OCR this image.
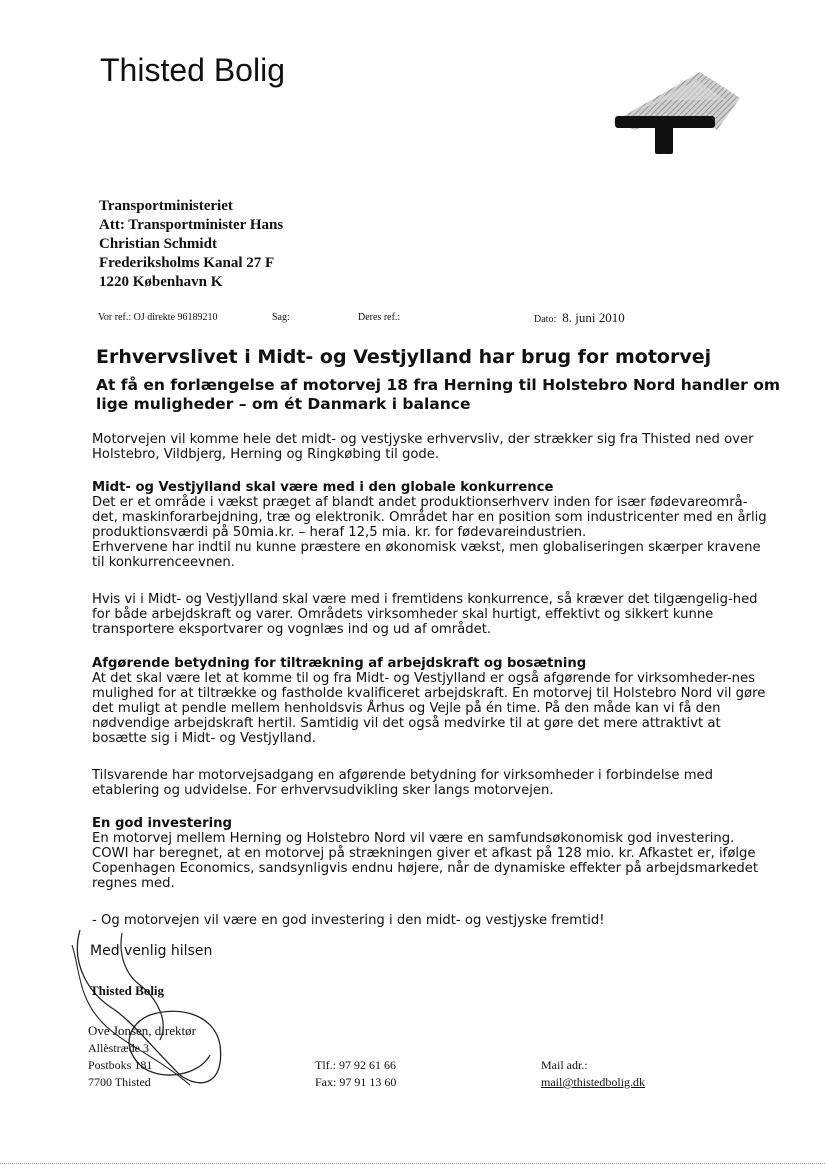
Thisted Bolig
Transportministeriet
Att: Transportminister Hans
Christian Schmidt
Frederiksholms Kanal 27 F
1220 København K
Vor ref.: OJ direkte 96189210	Sag:	Deres ref.:	Dato: 8. juni 2010
Erhvervslivet i Midt- og Vestjylland har brug for motorvej
At få en forlængelse af motorvej 18 fra Herning til Holstebro Nord handler om lige muligheder – om ét Danmark i balance
Motorvejen vil komme hele det midt- og vestjyske erhvervsliv, der strækker sig fra Thisted ned over Holstebro, Vildbjerg, Herning og Ringkøbing til gode.
Midt- og Vestjylland skal være med i den globale konkurrence
Det er et område i vækst præget af blandt andet produktionserhverv inden for især fødevareområ-det, maskinforarbejdning, træ og elektronik. Området har en position som industricenter med en årlig produktionsværdi på 50mia.kr. – heraf 12,5 mia. kr. for fødevareindustrien.
Erhvervene har indtil nu kunne præstere en økonomisk vækst, men globaliseringen skærper kravene til konkurrenceevnen.
Hvis vi i Midt- og Vestjylland skal være med i fremtidens konkurrence, så kræver det tilgængelig-hed for både arbejdskraft og varer. Områdets virksomheder skal hurtigt, effektivt og sikkert kunne transportere eksportvarer og vognlæs ind og ud af området.
Afgørende betydning for tiltrækning af arbejdskraft og bosætning
At det skal være let at komme til og fra Midt- og Vestjylland er også afgørende for virksomheder-nes mulighed for at tiltrække og fastholde kvalificeret arbejdskraft. En motorvej til Holstebro Nord vil gøre det muligt at pendle mellem henholdsvis Århus og Vejle på én time. På den måde kan vi få den nødvendige arbejdskraft hertil. Samtidig vil det også medvirke til at gøre det mere attraktivt at bosætte sig i Midt- og Vestjylland.
Tilsvarende har motorvejsadgang en afgørende betydning for virksomheder i forbindelse med etablering og udvidelse. For erhvervsudvikling sker langs motorvejen.
En god investering
En motorvej mellem Herning og Holstebro Nord vil være en samfundsøkonomisk god investering. COWI har beregnet, at en motorvej på strækningen giver et afkast på 128 mio. kr. Afkastet er, ifølge Copenhagen Economics, sandsynligvis endnu højere, når de dynamiske effekter på arbejdsmarkedet regnes med.
- Og motorvejen vil være en god investering i den midt- og vestjyske fremtid!
Med venlig hilsen
Thisted Bolig
Ove Jonsen, direktør
Allèstræde 3
Postboks 181
7700 Thisted
Tlf.: 97 92 61 66
Fax: 97 91 13 60
Mail adr.:
mail@thistedbolig.dk
